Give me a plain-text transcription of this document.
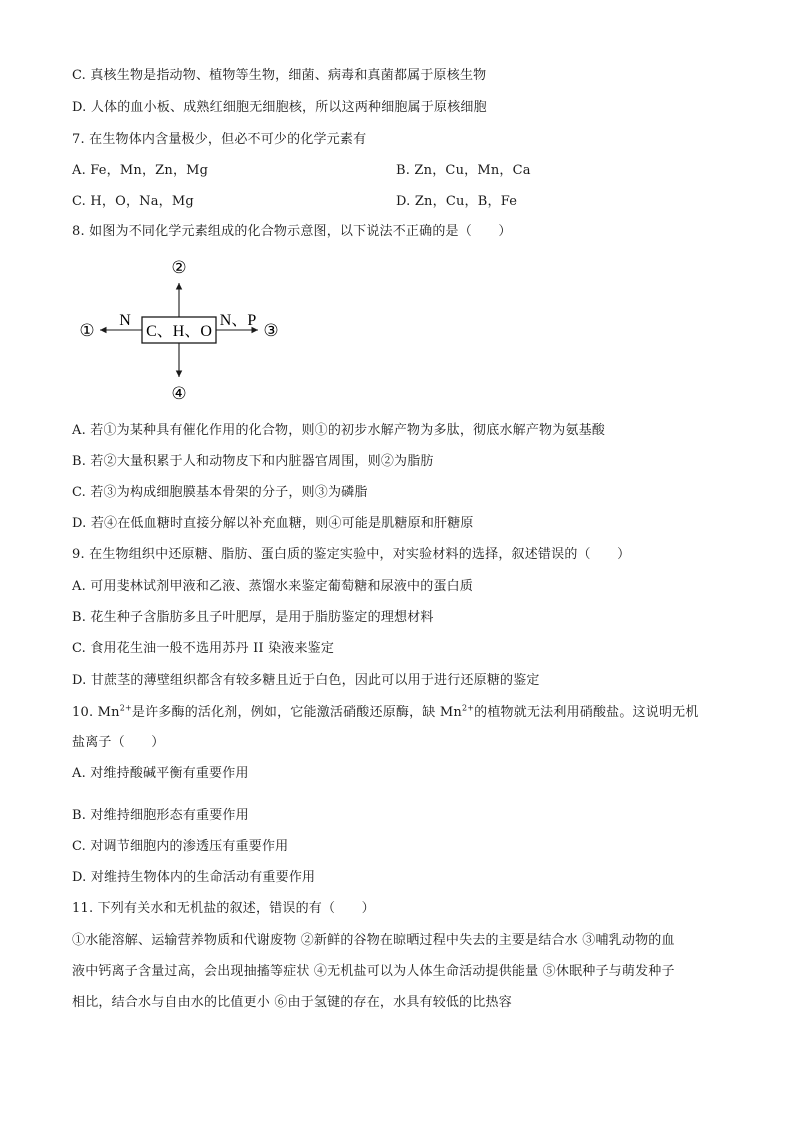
C. 真核生物是指动物、植物等生物，细菌、病毒和真菌都属于原核生物
D. 人体的血小板、成熟红细胞无细胞核，所以这两种细胞属于原核细胞
7. 在生物体内含量极少，但必不可少的化学元素有
A. Fe，Mn，Zn，Mg	B. Zn，Cu，Mn，Ca
C. H，O，Na，Mg	D. Zn，Cu，B，Fe
8. 如图为不同化学元素组成的化合物示意图，以下说法不正确的是（　　）
C、H、O
②
④
N
①
N、P
③
A. 若①为某种具有催化作用的化合物，则①的初步水解产物为多肽，彻底水解产物为氨基酸
B. 若②大量积累于人和动物皮下和内脏器官周围，则②为脂肪
C. 若③为构成细胞膜基本骨架的分子，则③为磷脂
D. 若④在低血糖时直接分解以补充血糖，则④可能是肌糖原和肝糖原
9. 在生物组织中还原糖、脂肪、蛋白质的鉴定实验中，对实验材料的选择，叙述错误的（　　）
A. 可用斐林试剂甲液和乙液、蒸馏水来鉴定葡萄糖和尿液中的蛋白质
B. 花生种子含脂肪多且子叶肥厚，是用于脂肪鉴定的理想材料
C. 食用花生油一般不选用苏丹 II 染液来鉴定
D. 甘蔗茎的薄壁组织都含有较多糖且近于白色，因此可以用于进行还原糖的鉴定
10. $Mn^{2+}$是许多酶的活化剂，例如，它能激活硝酸还原酶，缺 $Mn^{2+}$的植物就无法利用硝酸盐。这说明无机
盐离子（　　）
A. 对维持酸碱平衡有重要作用
B. 对维持细胞形态有重要作用
C. 对调节细胞内的渗透压有重要作用
D. 对维持生物体内的生命活动有重要作用
11. 下列有关水和无机盐的叙述，错误的有（　　）
①水能溶解、运输营养物质和代谢废物 ②新鲜的谷物在晾晒过程中失去的主要是结合水 ③哺乳动物的血
液中钙离子含量过高，会出现抽搐等症状 ④无机盐可以为人体生命活动提供能量 ⑤休眠种子与萌发种子
相比，结合水与自由水的比值更小 ⑥由于氢键的存在，水具有较低的比热容
